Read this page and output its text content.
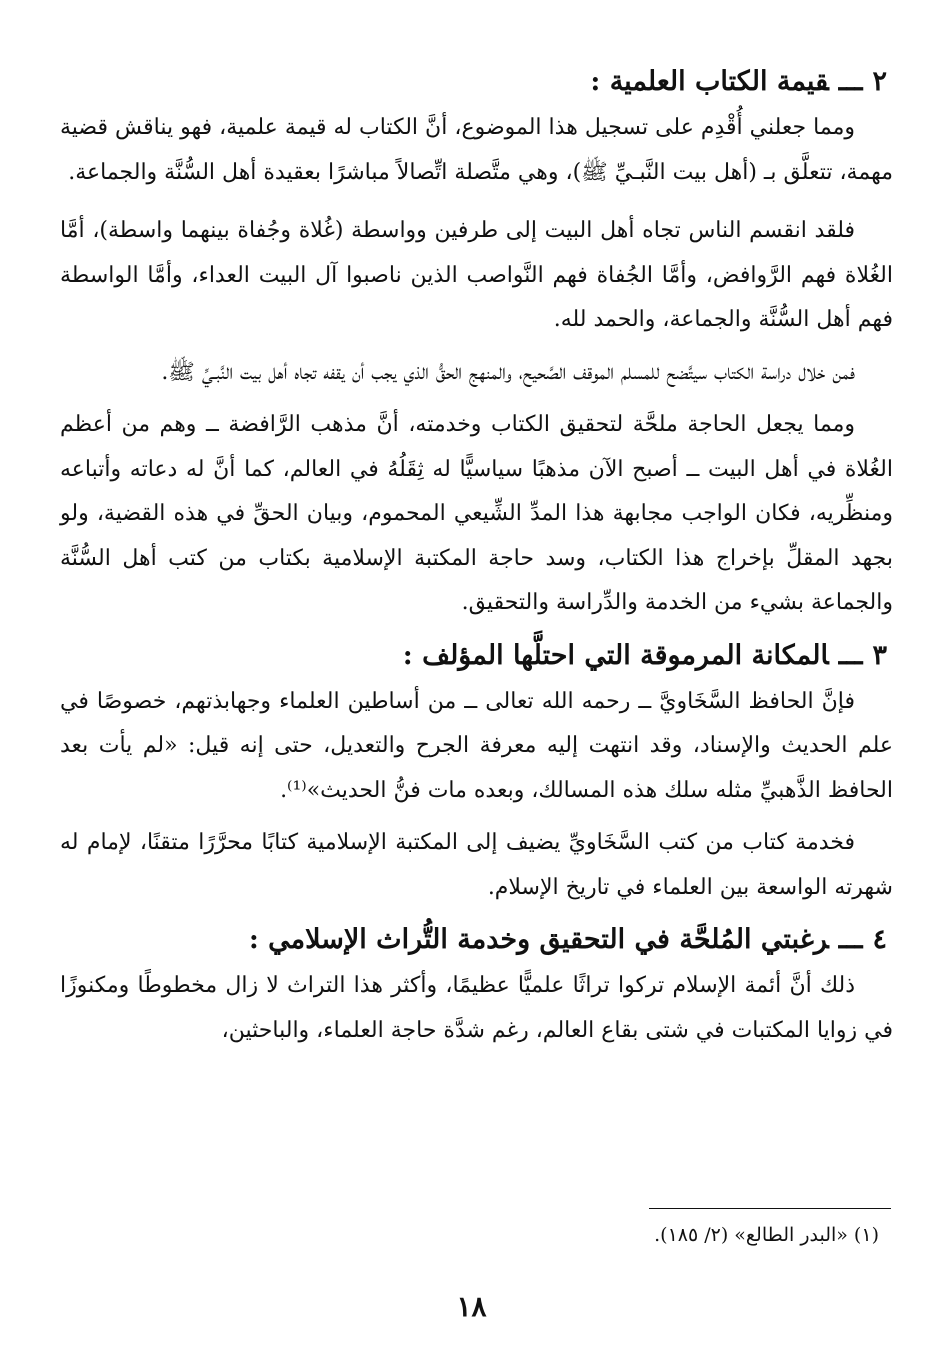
٢ـــقيمة الكتاب العلمية :

ومما جعلني أُقْدِم على تسجيل هذا الموضوع، أنَّ الكتاب له قيمة علمية، فهو يناقش قضية مهمة، تتعلَّق بـ (أهل بيت النَّبـيِّ ﷺ)، وهي متَّصلة اتِّصالاً مباشرًا بعقيدة أهل السُّنَّة والجماعة.

فلقد انقسم الناس تجاه أهل البيت إلى طرفين وواسطة (غُلاة وجُفاة بينهما واسطة)، أمَّا الغُلاة فهم الرَّوافض، وأمَّا الجُفاة فهم النَّواصب الذين ناصبوا آل البيت العداء، وأمَّا الواسطة فهم أهل السُّنَّة والجماعة، والحمد لله.

فمن خلال دراسة الكتاب سيتَّضح للمسلم الموقف الصَّحيح، والمنهج الحقُّ الذي يجب أن يقفه تجاه أهل بيت النَّبـيِّ ﷺ.

ومما يجعل الحاجة ملحَّة لتحقيق الكتاب وخدمته، أنَّ مذهب الرَّافضة ــ وهم من أعظم الغُلاة في أهل البيت ــ أصبح الآن مذهبًا سياسيًّا له ثِقَلُهُ في العالم، كما أنَّ له دعاته وأتباعه ومنظِّريه، فكان الواجب مجابهة هذا المدِّ الشِّيعي المحموم، وبيان الحقِّ في هذه القضية، ولو بجهد المقلِّ بإخراج هذا الكتاب، وسد حاجة المكتبة الإسلامية بكتاب من كتب أهل السُّنَّة والجماعة بشيء من الخدمة والدِّراسة والتحقيق.

٣ـــالمكانة المرموقة التي احتلَّها المؤلف :

فإنَّ الحافظ السَّخَاويَّ ــ رحمه الله تعالى ــ من أساطين العلماء وجهابذتهم، خصوصًا في علم الحديث والإسناد، وقد انتهت إليه معرفة الجرح والتعديل، حتى إنه قيل: «لم يأت بعد الحافظ الذَّهبيِّ مثله سلك هذه المسالك، وبعده مات فنُّ الحديث»⁽¹⁾.

فخدمة كتاب من كتب السَّخَاويِّ يضيف إلى المكتبة الإسلامية كتابًا محرَّرًا متقنًا، لإمام له شهرته الواسعة بين العلماء في تاريخ الإسلام.

٤ـــرغبتي المُلحَّة في التحقيق وخدمة التُّراث الإسلامي :

ذلك أنَّ أئمة الإسلام تركوا تراثًا علميًّا عظيمًا، وأكثر هذا التراث لا زال مخطوطًا ومكنوزًا في زوايا المكتبات في شتى بقاع العالم، رغم شدَّة حاجة العلماء، والباحثين،

(١) «البدر الطالع» (٢/ ١٨٥).
١٨
